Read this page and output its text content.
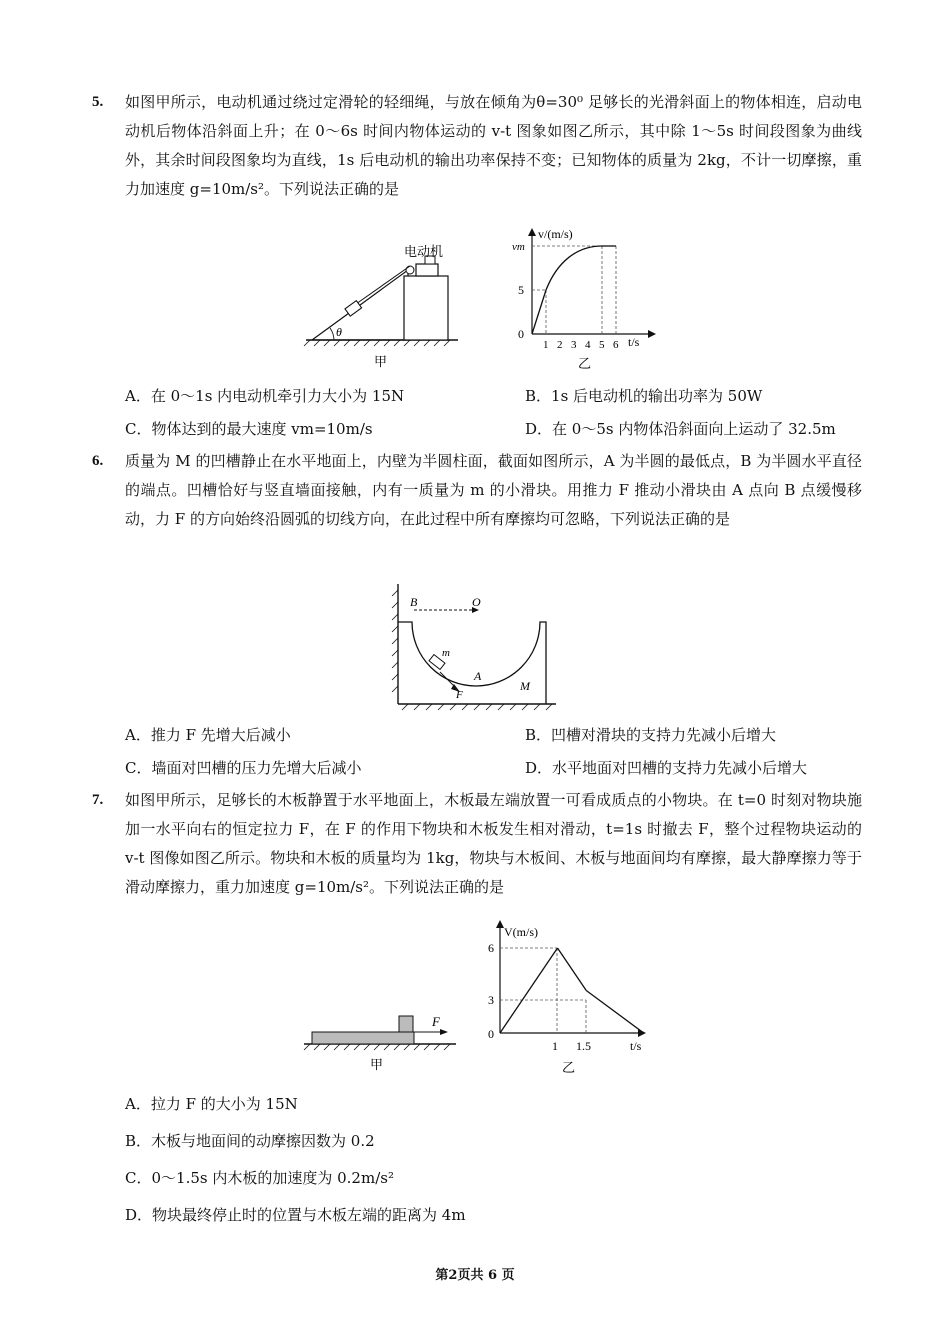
5. 如图甲所示，电动机通过绕过定滑轮的轻细绳，与放在倾角为θ=30⁰ 足够长的光滑斜面上的物体相连，启动电动机后物体沿斜面上升；在 0～6s 时间内物体运动的 v-t 图象如图乙所示，其中除 1～5s 时间段图象为曲线外，其余时间段图象均为直线，1s 后电动机的输出功率保持不变；已知物体的质量为 2kg，不计一切摩擦，重力加速度 g=10m/s²。下列说法正确的是
θ
电动机
甲
v/(m/s)
vm
5
0
1 2 3 4 5 6 t/s
乙
A．在 0～1s 内电动机牵引力大小为 15N	B．1s 后电动机的输出功率为 50W
C．物体达到的最大速度 vm=10m/s	D．在 0～5s 内物体沿斜面向上运动了 32.5m
6. 质量为 M 的凹槽静止在水平地面上，内壁为半圆柱面，截面如图所示，A 为半圆的最低点，B 为半圆水平直径的端点。凹槽恰好与竖直墙面接触，内有一质量为 m 的小滑块。用推力 F 推动小滑块由 A 点向 B 点缓慢移动，力 F 的方向始终沿圆弧的切线方向，在此过程中所有摩擦均可忽略，下列说法正确的是
B	O
m
A
F
M
A．推力 F 先增大后减小	B．凹槽对滑块的支持力先减小后增大
C．墙面对凹槽的压力先增大后减小	D．水平地面对凹槽的支持力先减小后增大
7. 如图甲所示，足够长的木板静置于水平地面上，木板最左端放置一可看成质点的小物块。在 t=0 时刻对物块施加一水平向右的恒定拉力 F，在 F 的作用下物块和木板发生相对滑动，t=1s 时撤去 F，整个过程物块运动的 v-t 图像如图乙所示。物块和木板的质量均为 1kg，物块与木板间、木板与地面间均有摩擦，最大静摩擦力等于滑动摩擦力，重力加速度 g=10m/s²。下列说法正确的是
F
甲
V(m/s)
6
3
0
1 1.5	t/s
乙
A．拉力 F 的大小为 15N
B．木板与地面间的动摩擦因数为 0.2
C．0～1.5s 内木板的加速度为 0.2m/s²
D．物块最终停止时的位置与木板左端的距离为 4m
第2页共 6 页
